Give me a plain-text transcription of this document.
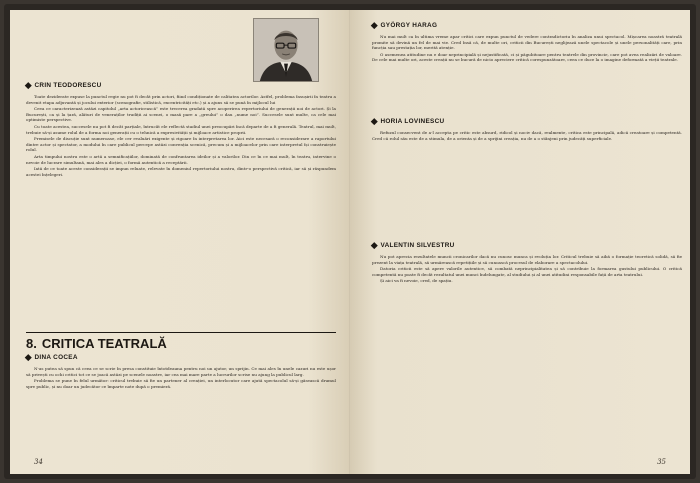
CRIN TEODORESCU

Toate deziderate expuse la punctul regie nu pot fi decât prin actori, fiind condiționate de calitatea actorilor. Astfel, problema însușirii în teatru a devenit etapa adjuvantă și jocului exterior (scenografie, stilistică, excentricități etc.) și a ajuns să se pună în mijlocul lui

Ceea ce caracterizează astăzi capitolul „arta actoricească” este trecerea gradată spre acoperirea repertoriului de generații noi de actori. Și la București, ca și la țară, alături de veneraților trudiții ai scenei, o masă pare a „greului” o dau „nume noi”. Succesele sunt multe, ca cele mai optimiste perspective.

Cu toate acestea, succesele nu pot fi decât parțiale, întrucât ele reflectă stadiul unei preocupări încă departe de a fi generală. Teatrul, mai mult, trebuie să-și asume rolul de a forma noi generații cu o tehnică a expresivității și mijloace artistice proprii.

Premisele de discuție sunt numeroase, ele cer evaluări exigente și rigoare în interpretarea lor. Aici este necesară o reconsiderare a raportului dintre actor și spectator, a modului în care publicul percepe astăzi convenția scenică, precum și a mijloacelor prin care interpretul își construiește rolul.

Arta timpului nostru este o artă a semnificațiilor, dominată de confruntarea ideilor și a valorilor. Din ce în ce mai mult, în teatru, intervine o nevoie de lucrare simultană, mai ales a dicției, o formă autentică a receptării.

Iată de ce toate aceste considerații se impun reluate, relevate în domeniul repertoriului nostru, dintr-o perspectivă critică, iar să și răspundem acestei înțelegeri.

8. CRITICA TEATRALĂ
DINA COCEA

N-as putea să spun că ceea ce se scrie în presa constituie întotdeauna pentru noi un ajutor, un sprijin. Ce mai ales în unele cazuri nu este ușor să privești cu ochi critici tot ce se joacă astăzi pe scenele noastre, iar cea mai mare parte a lucrurilor scrise nu ajung la publicul larg.

Problema se pune în felul următor: criticul trebuie să fie un partener al creației, un interlocutor care ajută spectacolul să-și găsească drumul spre public, și nu doar un judecător ce împarte note după o premieră.

34
GYÖRGY HARAG

Nu mai mult ca în ultima vreme apar critici care expun punctul de vedere contradictoriu în analiza unui spectacol. Mișcarea noastră teatrală promite să devină un fel de mai vie. Cred însă că, de multe ori, criticii din București neglijează unele spectacole și unele personalități care, prin funcția sau prestația lor, merită atenție.

O asemenea atitudine nu e doar neprincipială și nejustificată, ci și păgubitoare pentru teatrele din provincie, care pot avea realizări de valoare. De cele mai multe ori, aceste creații nu se bucură de nicio apreciere critică corespunzătoare, ceea ce duce la o imagine deformată a vieții teatrale.

HORIA LOVINESCU

Refuzul consecvent de a-l accepta pe critic este absurd, ridicol și nociv dacă, realmente, critica este principală, adică creatoare și competentă. Cred că rolul său este de a stimula, de a orienta și de a sprijini creația, nu de a o stânjeni prin judecăți superficiale.

VALENTIN SILVESTRU

Nu pot aprecia rezultatele muncii cronicarilor dacă nu cunosc munca și evoluția lor. Criticul trebuie să aibă o formație teoretică solidă, să fie prezent la viața teatrală, să urmărească repetițiile și să cunoască procesul de elaborare a spectacolului.

Datoria criticii este să apere valorile autentice, să combată neprincipialitatea și să contribuie la formarea gustului publicului. O critică competentă nu poate fi decât rezultatul unei munci îndelungate, al studiului și al unei atitudini responsabile față de arta teatrului.

Și aici va fi nevoie, cred, de spațiu.

35
